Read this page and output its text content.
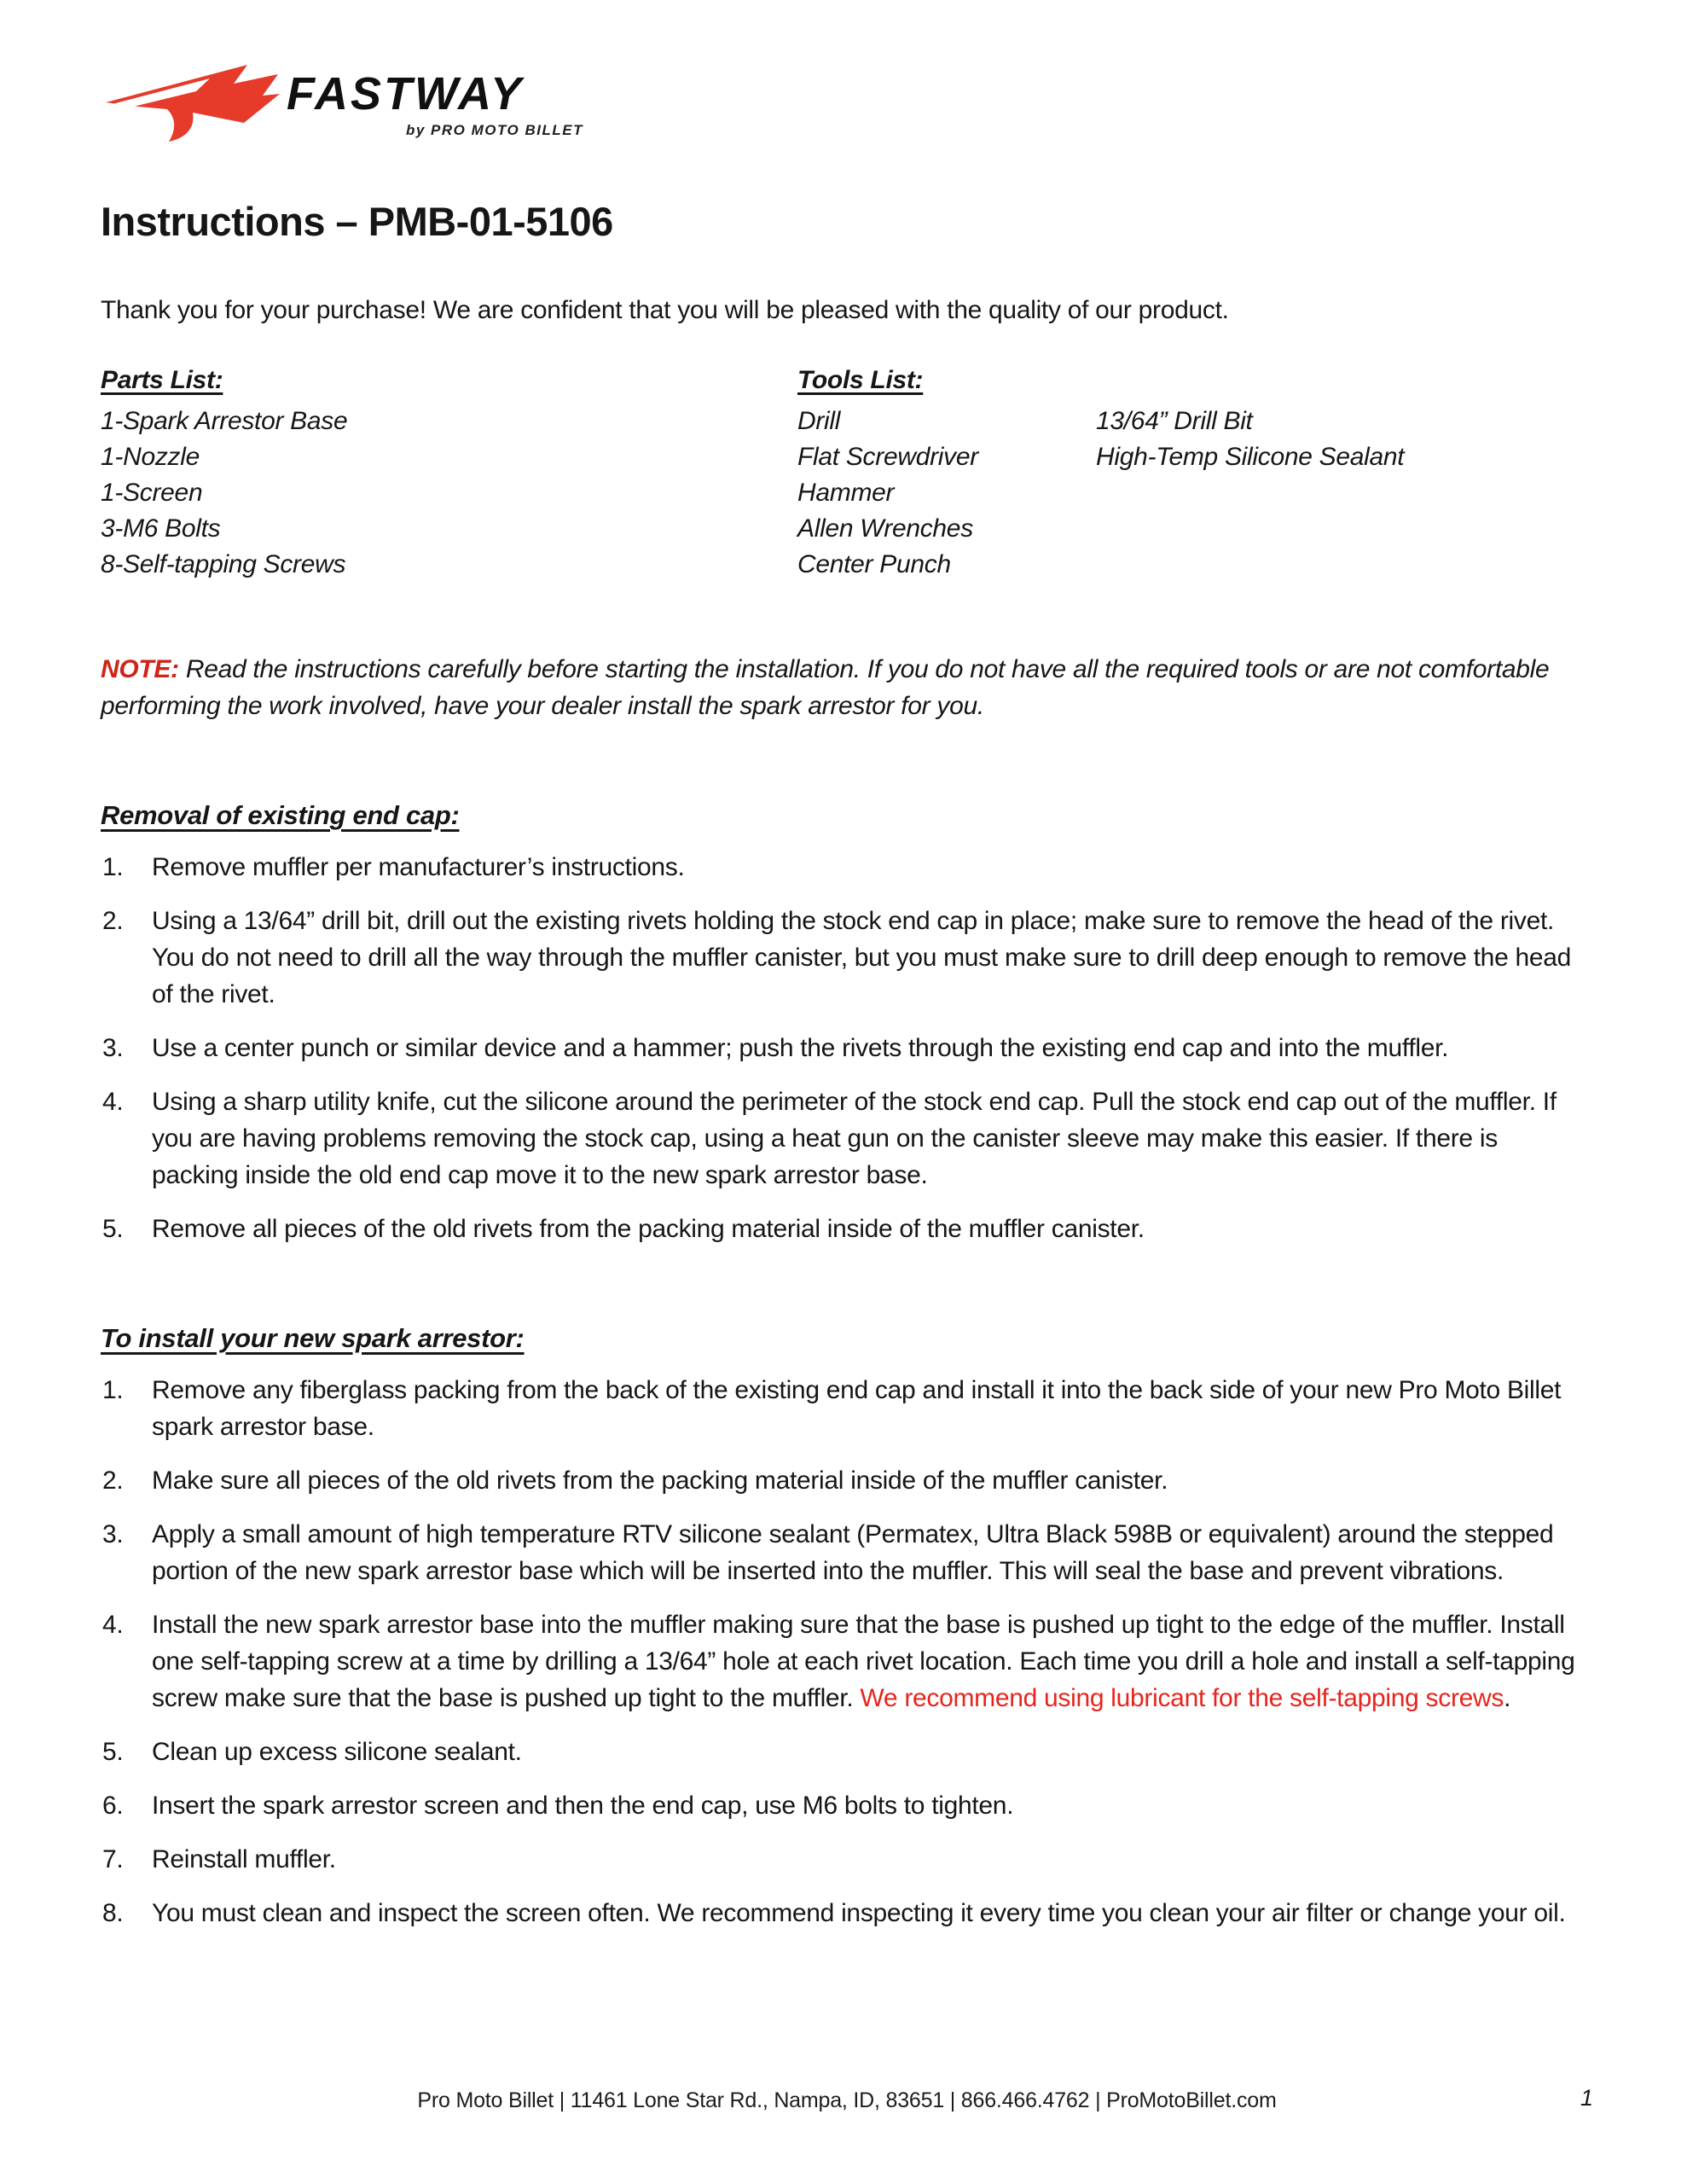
FASTWAY
by PRO MOTO BILLET
Instructions – PMB-01-5106

Thank you for your purchase! We are confident that you will be pleased with the quality of our product.

Parts List:

1-Spark Arrestor Base
1-Nozzle
1-Screen
3-M6 Bolts
8-Self-tapping Screws

Tools List:

Drill
Flat Screwdriver
Hammer
Allen Wrenches
Center Punch
13/64” Drill Bit
High-Temp Silicone Sealant

NOTE: Read the instructions carefully before starting the installation. If you do not have all the required tools or are not comfortable performing the work involved, have your dealer install the spark arrestor for you.

Removal of existing end cap:

Remove muffler per manufacturer’s instructions.
Using a 13/64” drill bit, drill out the existing rivets holding the stock end cap in place; make sure to remove the head of the rivet. You do not need to drill all the way through the muffler canister, but you must make sure to drill deep enough to remove the head of the rivet.
Use a center punch or similar device and a hammer; push the rivets through the existing end cap and into the muffler.
Using a sharp utility knife, cut the silicone around the perimeter of the stock end cap. Pull the stock end cap out of the muffler. If you are having problems removing the stock cap, using a heat gun on the canister sleeve may make this easier. If there is packing inside the old end cap move it to the new spark arrestor base.
Remove all pieces of the old rivets from the packing material inside of the muffler canister.

To install your new spark arrestor:

Remove any fiberglass packing from the back of the existing end cap and install it into the back side of your new Pro Moto Billet spark arrestor base.
Make sure all pieces of the old rivets from the packing material inside of the muffler canister.
Apply a small amount of high temperature RTV silicone sealant (Permatex, Ultra Black 598B or equivalent) around the stepped portion of the new spark arrestor base which will be inserted into the muffler. This will seal the base and prevent vibrations.
Install the new spark arrestor base into the muffler making sure that the base is pushed up tight to the edge of the muffler. Install one self-tapping screw at a time by drilling a 13/64” hole at each rivet location. Each time you drill a hole and install a self-tapping screw make sure that the base is pushed up tight to the muffler. We recommend using lubricant for the self-tapping screws.
Clean up excess silicone sealant.
Insert the spark arrestor screen and then the end cap, use M6 bolts to tighten.
Reinstall muffler.
You must clean and inspect the screen often. We recommend inspecting it every time you clean your air filter or change your oil.
Pro Moto Billet | 11461 Lone Star Rd., Nampa, ID, 83651 | 866.466.4762 | ProMotoBillet.com	1
